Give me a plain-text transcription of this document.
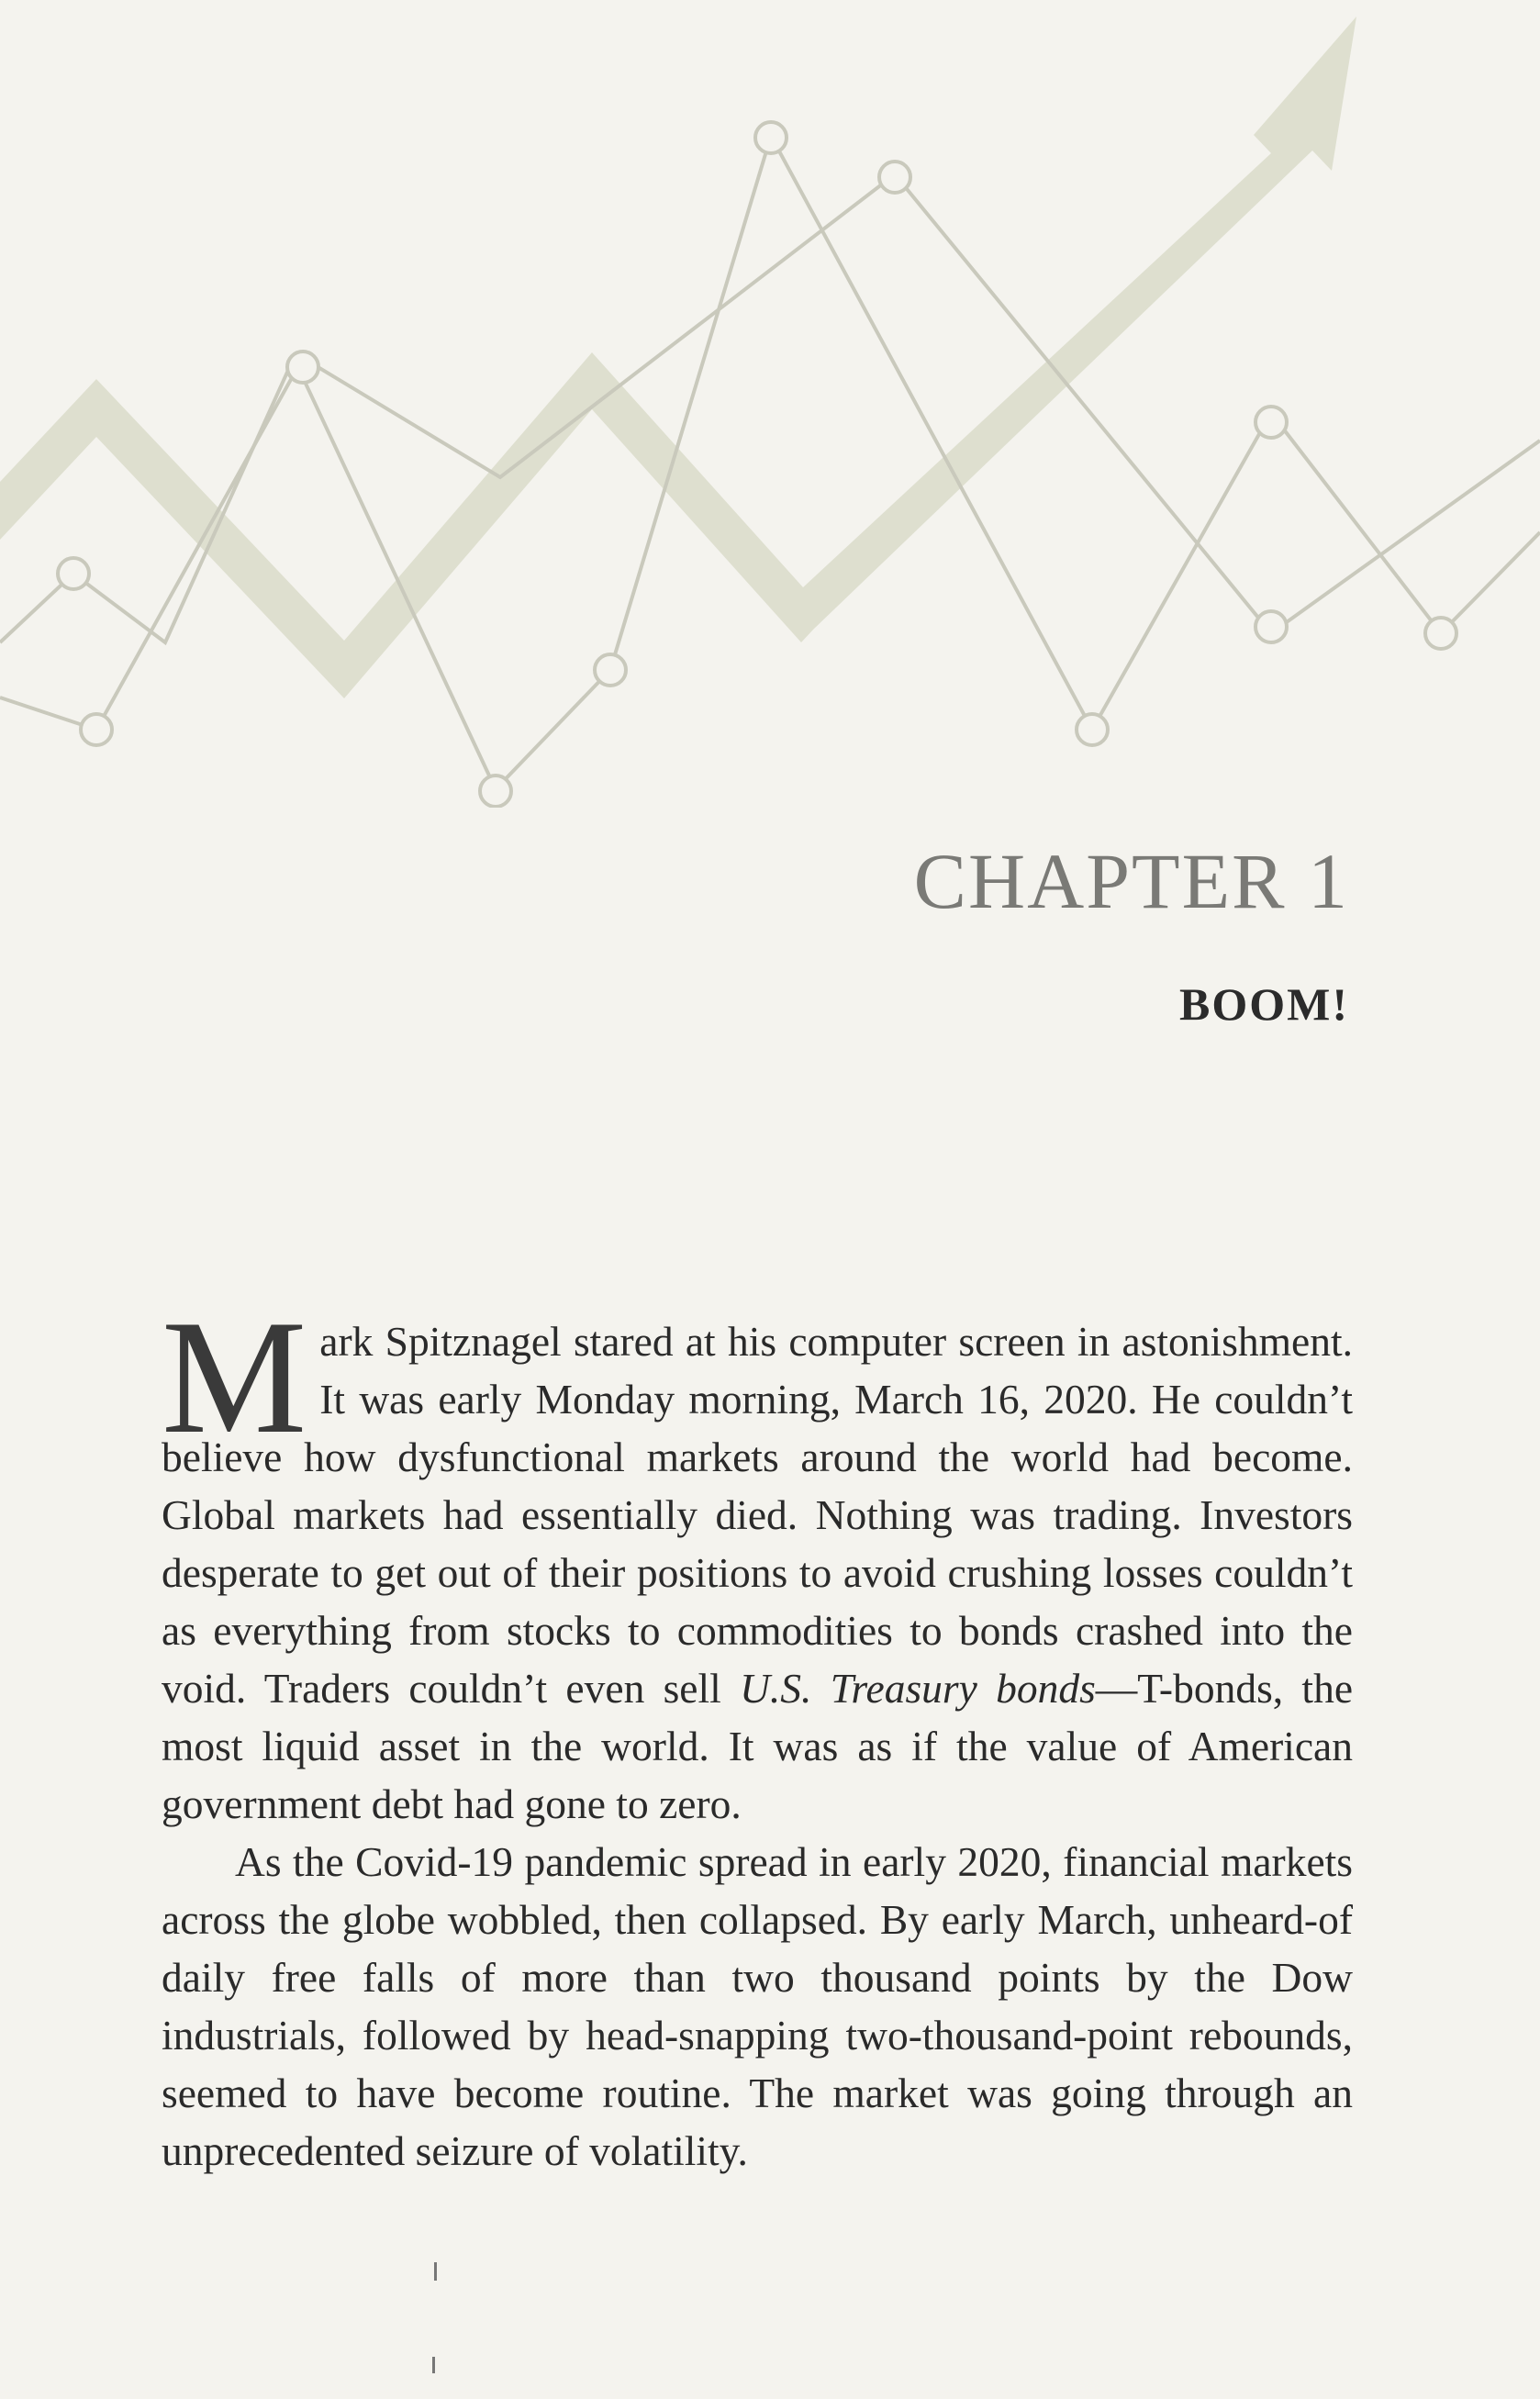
CHAPTER 1
BOOM!

Mark Spitznagel stared at his computer screen in astonishment. It was early Monday morning, March 16, 2020. He couldn’t believe how dysfunctional markets around the world had become. Global markets had essentially died. Nothing was trading. Investors desperate to get out of their positions to avoid crushing losses couldn’t as everything from stocks to commodities to bonds crashed into the void. Traders couldn’t even sell U.S. Treasury bonds—T-bonds, the most liquid asset in the world. It was as if the value of American government debt had gone to zero.

As the Covid-19 pandemic spread in early 2020, financial markets across the globe wobbled, then collapsed. By early March, unheard-of daily free falls of more than two thousand points by the Dow industrials, followed by head-snapping two-thousand-point rebounds, seemed to have become routine. The market was going through an unprecedented seizure of volatility.
